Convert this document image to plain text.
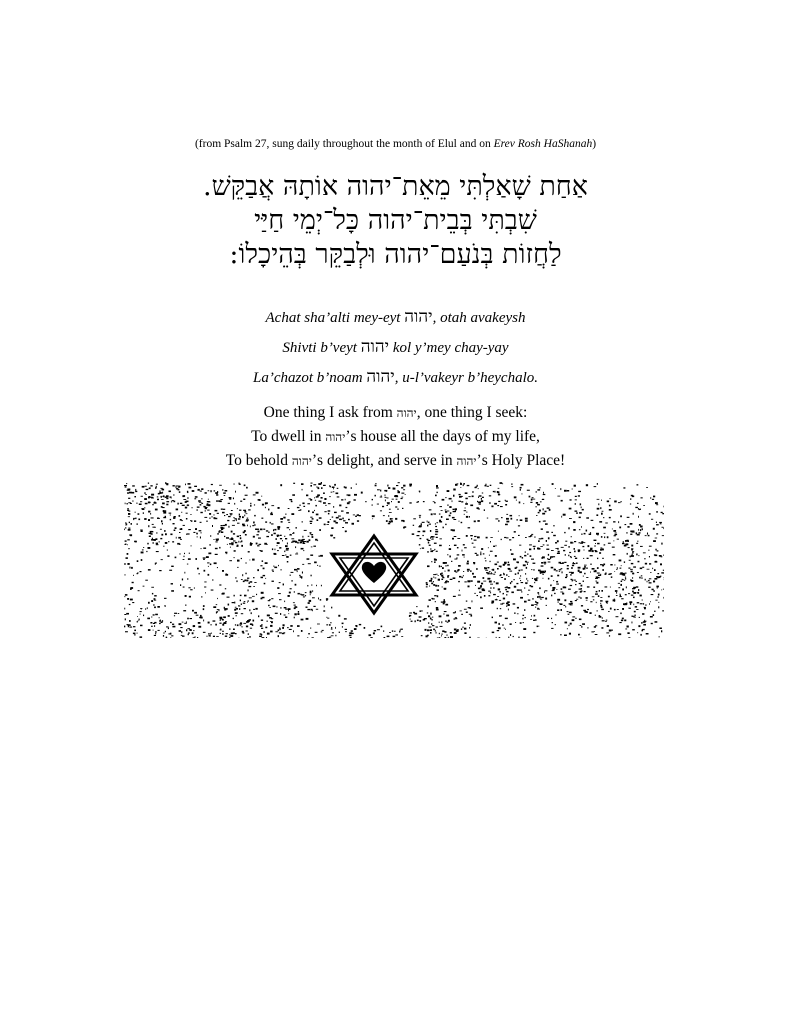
(from Psalm 27, sung daily throughout the month of Elul and on Erev Rosh HaShanah)
אַחַת שָׁאַלְתִּי מֵאֵת־יהוה אוֹתָהּ אֲבַקֵּשׁ.
שִׁבְתִּי בְּבֵית־יהוה כָּל־יְמֵי חַיַּי
לַחֲזוֹת בְּנֹעַם־יהוה וּלְבַקֵּר בְּהֵיכָלוֹ:
Achat sha’alti mey-eyt יהוה, otah avakeysh
Shivti b’veyt יהוה kol y’mey chay-yay
La’chazot b’noam יהוה, u-l’vakeyr b’heychalo.
One thing I ask from יהוה, one thing I seek:
To dwell in יהוה’s house all the days of my life,
To behold יהוה’s delight, and serve in יהוה’s Holy Place!
